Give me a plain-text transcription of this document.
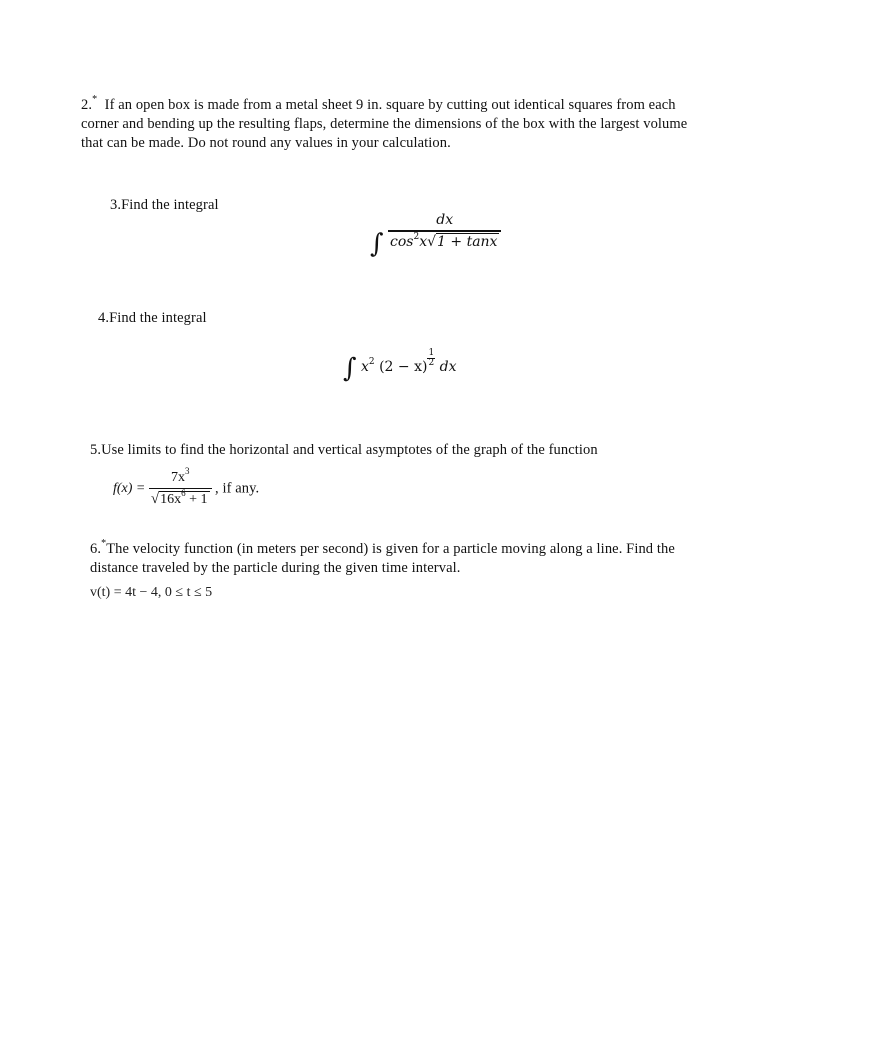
2.* If an open box is made from a metal sheet 9 in. square by cutting out identical squares from each
corner and bending up the resulting flaps, determine the dimensions of the box with the largest volume
that can be made. Do not round any values in your calculation.
3.Find the integral
∫ $\frac{dx}{\cos^2x√1 + \tan x}$
4.Find the integral
∫ $x^2$ $(2 - x) \frac{1}{2}$ dx
5.Use limits to find the horizontal and vertical asymptotes of the graph of the function
$f(x) = \frac{7x^3}{√16x^6 + 1}$ , if any.
6.*The velocity function (in meters per second) is given for a particle moving along a line. Find the
distance traveled by the particle during the given time interval.
v(t) = 4t − 4, 0 ≤ t ≤ 5
